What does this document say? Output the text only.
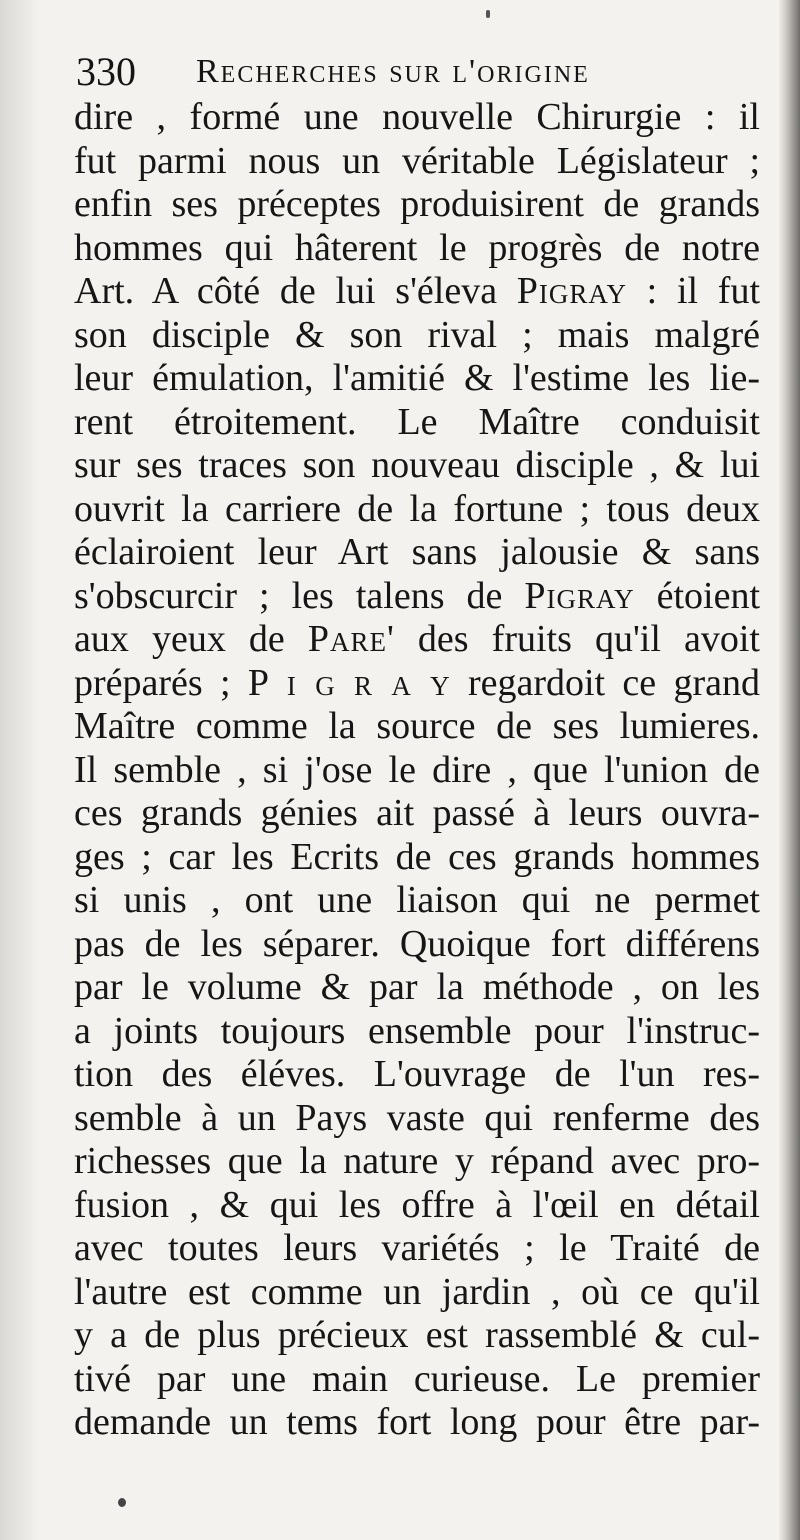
330 Recherches sur l'origine
dire , formé une nouvelle Chirurgie : il
fut parmi nous un véritable Législateur ;
enfin ses préceptes produisirent de grands
hommes qui hâterent le progrès de notre
Art. A côté de lui s'éleva Pigray : il fut
son disciple & son rival ; mais malgré
leur émulation, l'amitié & l'estime les lie-
rent étroitement. Le Maître conduisit
sur ses traces son nouveau disciple , & lui
ouvrit la carriere de la fortune ; tous deux
éclairoient leur Art sans jalousie & sans
s'obscurcir ; les talens de Pigray étoient
aux yeux de Pare' des fruits qu'il avoit
préparés ; P i g r a y regardoit ce grand
Maître comme la source de ses lumieres.
Il semble , si j'ose le dire , que l'union de
ces grands génies ait passé à leurs ouvra-
ges ; car les Ecrits de ces grands hommes
si unis , ont une liaison qui ne permet
pas de les séparer. Quoique fort différens
par le volume & par la méthode , on les
a joints toujours ensemble pour l'instruc-
tion des éléves. L'ouvrage de l'un res-
semble à un Pays vaste qui renferme des
richesses que la nature y répand avec pro-
fusion , & qui les offre à l'œil en détail
avec toutes leurs variétés ; le Traité de
l'autre est comme un jardin , où ce qu'il
y a de plus précieux est rassemblé & cul-
tivé par une main curieuse. Le premier
demande un tems fort long pour être par-
